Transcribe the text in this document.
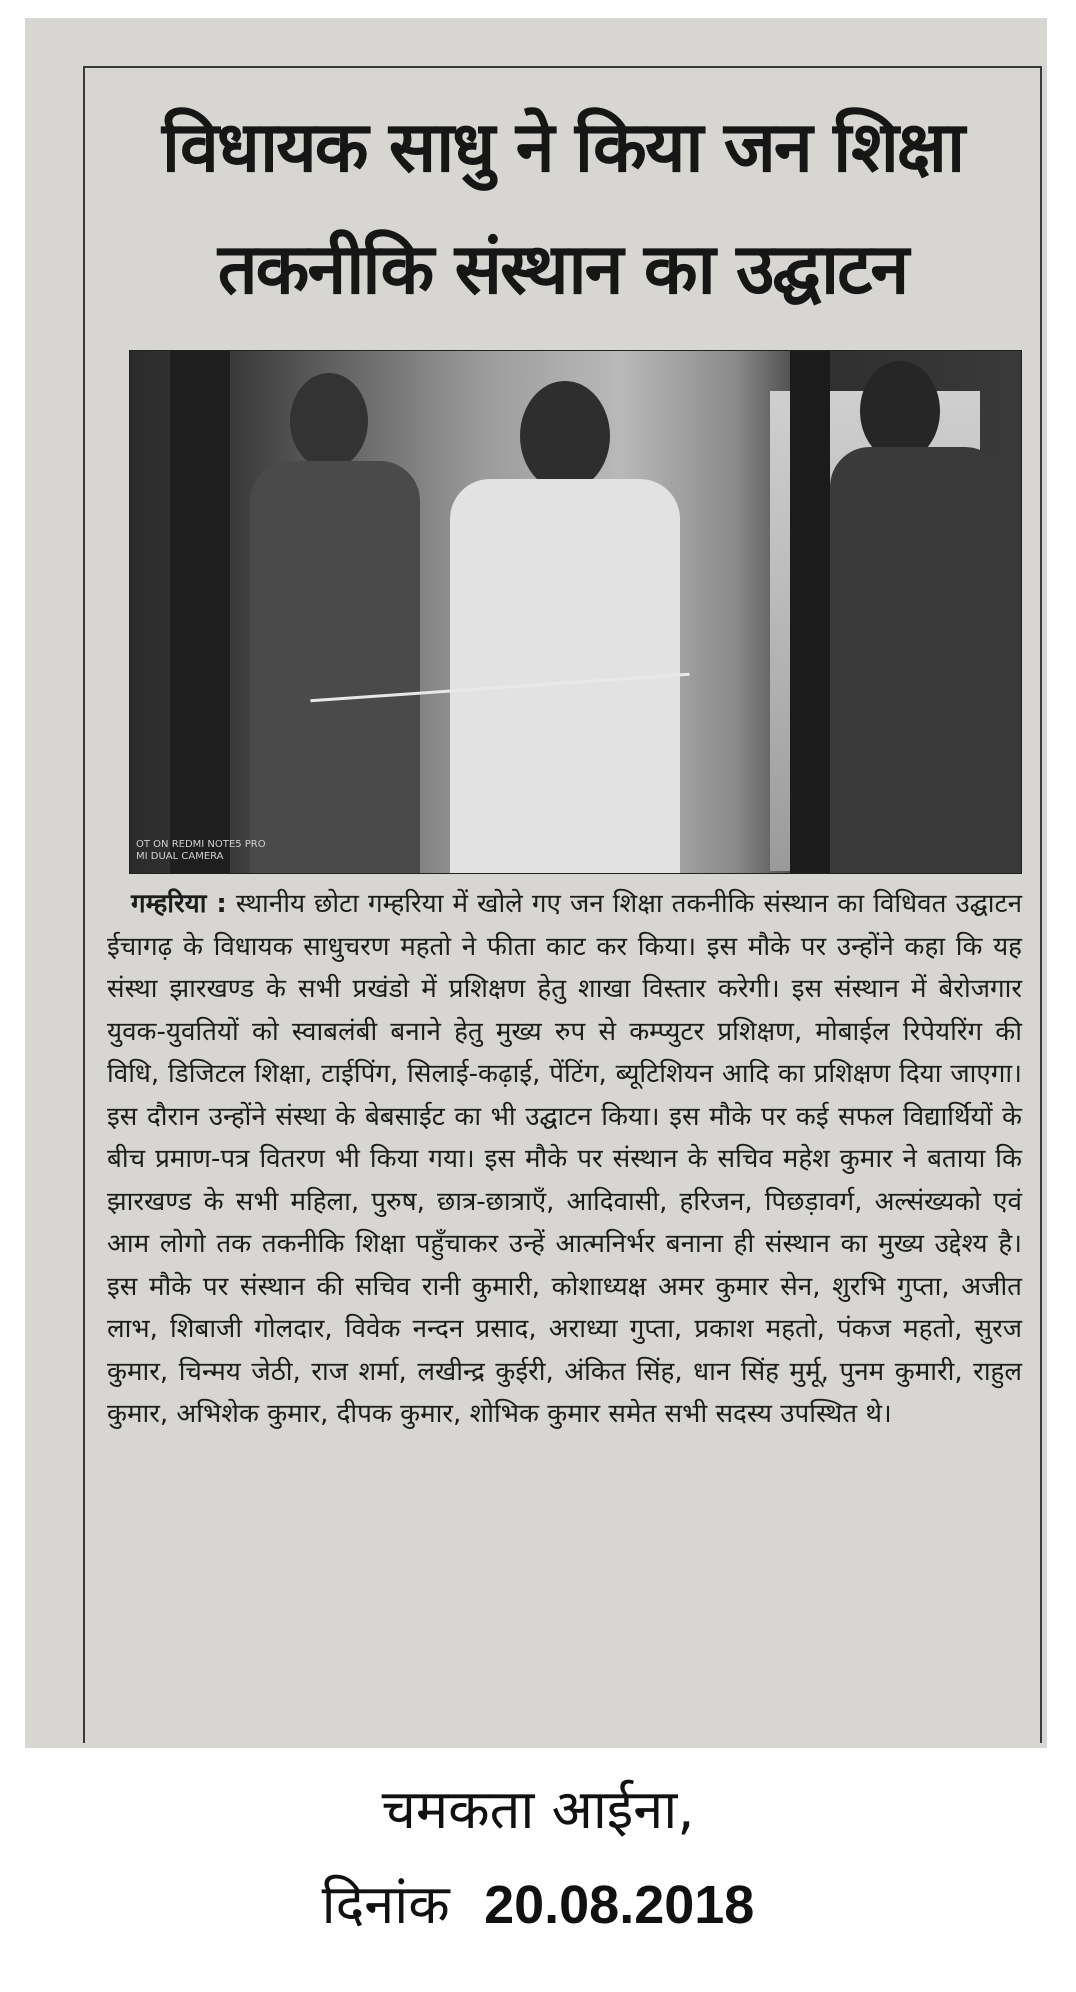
विधायक साधु ने किया जन शिक्षा
तकनीकि संस्थान का उद्घाटन
OT ON REDMI NOTE5 PRO
MI DUAL CAMERA
गम्हरिया : स्थानीय छोटा गम्हरिया में खोले गए जन शिक्षा तकनीकि संस्थान का विधिवत उद्घाटन ईचागढ़ के विधायक साधुचरण महतो ने फीता काट कर किया। इस मौके पर उन्होंने कहा कि यह संस्था झारखण्ड के सभी प्रखंडो में प्रशिक्षण हेतु शाखा विस्तार करेगी। इस संस्थान में बेरोजगार युवक-युवतियों को स्वाबलंबी बनाने हेतु मुख्य रुप से कम्प्युटर प्रशिक्षण, मोबाईल रिपेयरिंग की विधि, डिजिटल शिक्षा, टाईपिंग, सिलाई-कढ़ाई, पेंटिंग, ब्यूटिशियन आदि का प्रशिक्षण दिया जाएगा। इस दौरान उन्होंने संस्था के बेबसाईट का भी उद्घाटन किया। इस मौके पर कई सफल विद्यार्थियों के बीच प्रमाण-पत्र वितरण भी किया गया। इस मौके पर संस्थान के सचिव महेश कुमार ने बताया कि झारखण्ड के सभी महिला, पुरुष, छात्र-छात्राएँ, आदिवासी, हरिजन, पिछड़ावर्ग, अल्संख्यको एवं आम लोगो तक तकनीकि शिक्षा पहुँचाकर उन्हें आत्मनिर्भर बनाना ही संस्थान का मुख्य उद्देश्य है। इस मौके पर संस्थान की सचिव रानी कुमारी, कोशाध्यक्ष अमर कुमार सेन, शुरभि गुप्ता, अजीत लाभ, शिबाजी गोलदार, विवेक नन्दन प्रसाद, अराध्या गुप्ता, प्रकाश महतो, पंकज महतो, सुरज कुमार, चिन्मय जेठी, राज शर्मा, लखीन्द्र कुईरी, अंकित सिंह, धान सिंह मुर्मू, पुनम कुमारी, राहुल कुमार, अभिशेक कुमार, दीपक कुमार, शोभिक कुमार समेत सभी सदस्य उपस्थित थे।
चमकता आईना,
दिनांक 20.08.2018
